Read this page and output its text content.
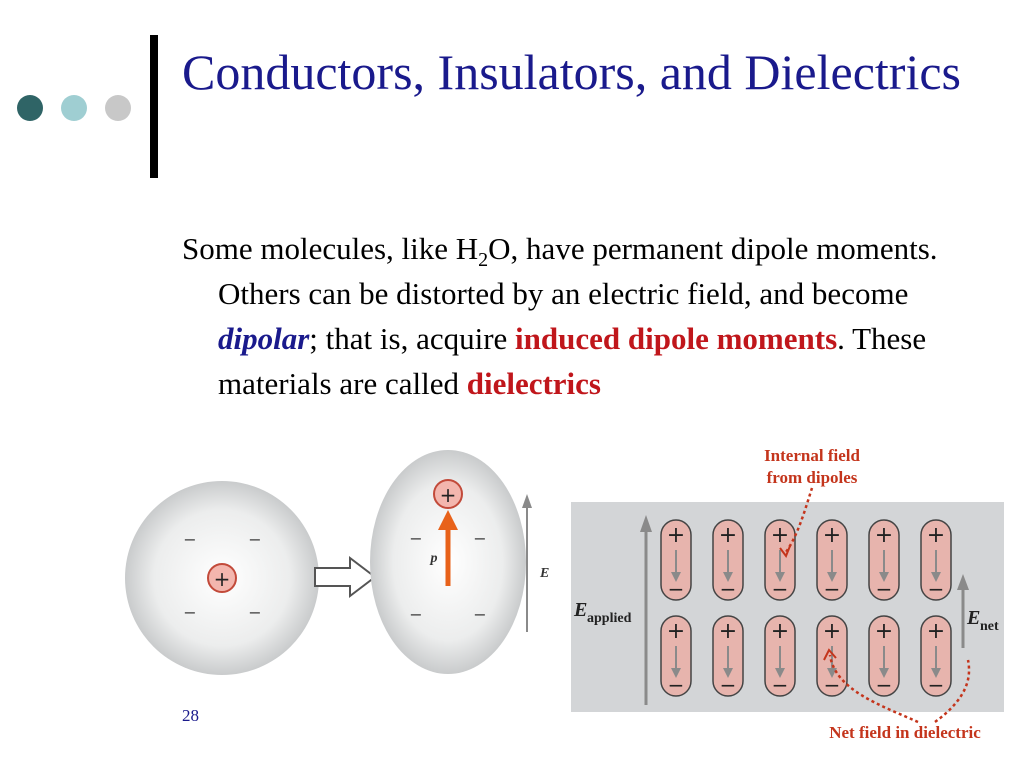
Conductors, Insulators, and Dielectrics
Some molecules, like $H_2O$, have permanent dipole moments. Others can be distorted by an electric field, and become dipolar; that is, acquire induced dipole moments. These materials are called dielectrics
+
−	−
−	−
+
p
−	−
−	−
E
E applied	E net
+
−
+
−
+
−
+
−
+
−
+
−
+
−
+
−
+
−
+
−
+
−
+
−
Internal field
from dipoles
Net field in dielectric
28
